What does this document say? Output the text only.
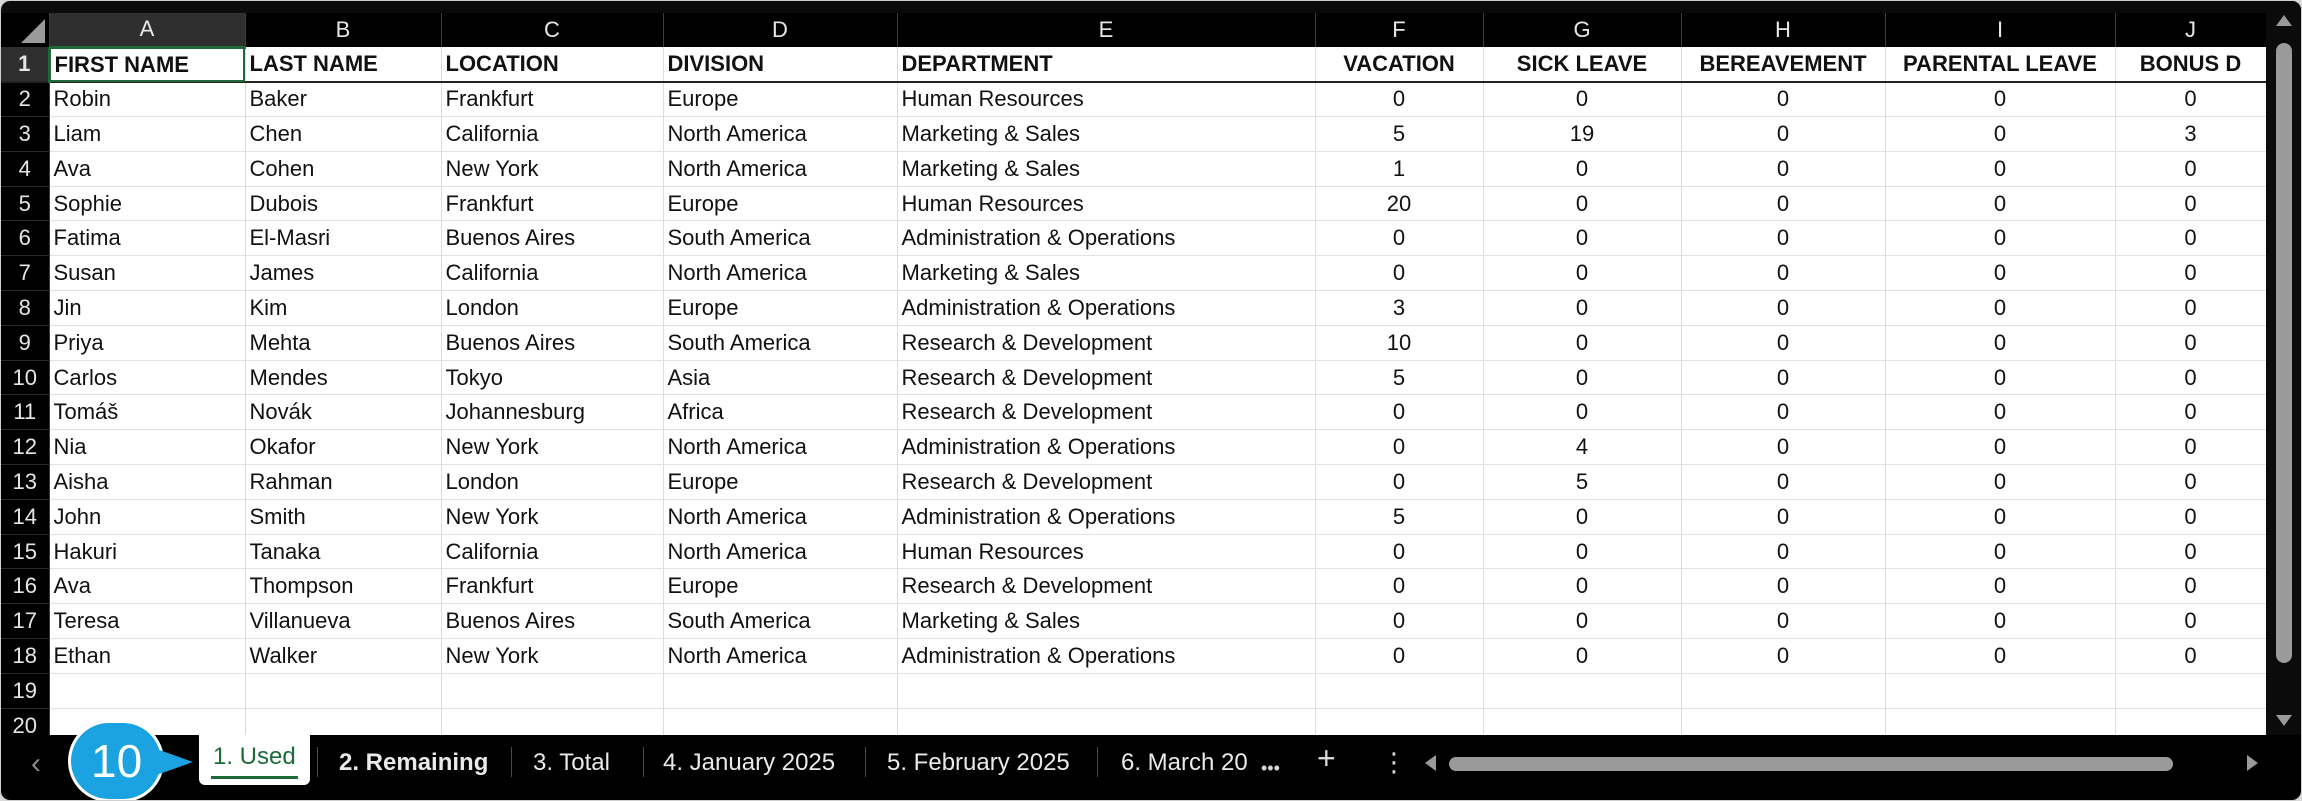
	A	B	C	D	E	F	G	H	I	J
1	FIRST NAME	LAST NAME	LOCATION	DIVISION	DEPARTMENT	VACATION	SICK LEAVE	BEREAVEMENT	PARENTAL LEAVE	BONUS D
2	Robin	Baker	Frankfurt	Europe	Human Resources	0	0	0	0	0
3	Liam	Chen	California	North America	Marketing & Sales	5	19	0	0	3
4	Ava	Cohen	New York	North America	Marketing & Sales	1	0	0	0	0
5	Sophie	Dubois	Frankfurt	Europe	Human Resources	20	0	0	0	0
6	Fatima	El-Masri	Buenos Aires	South America	Administration & Operations	0	0	0	0	0
7	Susan	James	California	North America	Marketing & Sales	0	0	0	0	0
8	Jin	Kim	London	Europe	Administration & Operations	3	0	0	0	0
9	Priya	Mehta	Buenos Aires	South America	Research & Development	10	0	0	0	0
10	Carlos	Mendes	Tokyo	Asia	Research & Development	5	0	0	0	0
11	Tomáš	Novák	Johannesburg	Africa	Research & Development	0	0	0	0	0
12	Nia	Okafor	New York	North America	Administration & Operations	0	4	0	0	0
13	Aisha	Rahman	London	Europe	Research & Development	0	5	0	0	0
14	John	Smith	New York	North America	Administration & Operations	5	0	0	0	0
15	Hakuri	Tanaka	California	North America	Human Resources	0	0	0	0	0
16	Ava	Thompson	Frankfurt	Europe	Research & Development	0	0	0	0	0
17	Teresa	Villanueva	Buenos Aires	South America	Marketing & Sales	0	0	0	0	0
18	Ethan	Walker	New York	North America	Administration & Operations	0	0	0	0	0
19										
20										
‹	1. Used	2. Remaining 3. Total 4. January 2025 5. February 2025 6. March 20 ••• + ⋮
10
